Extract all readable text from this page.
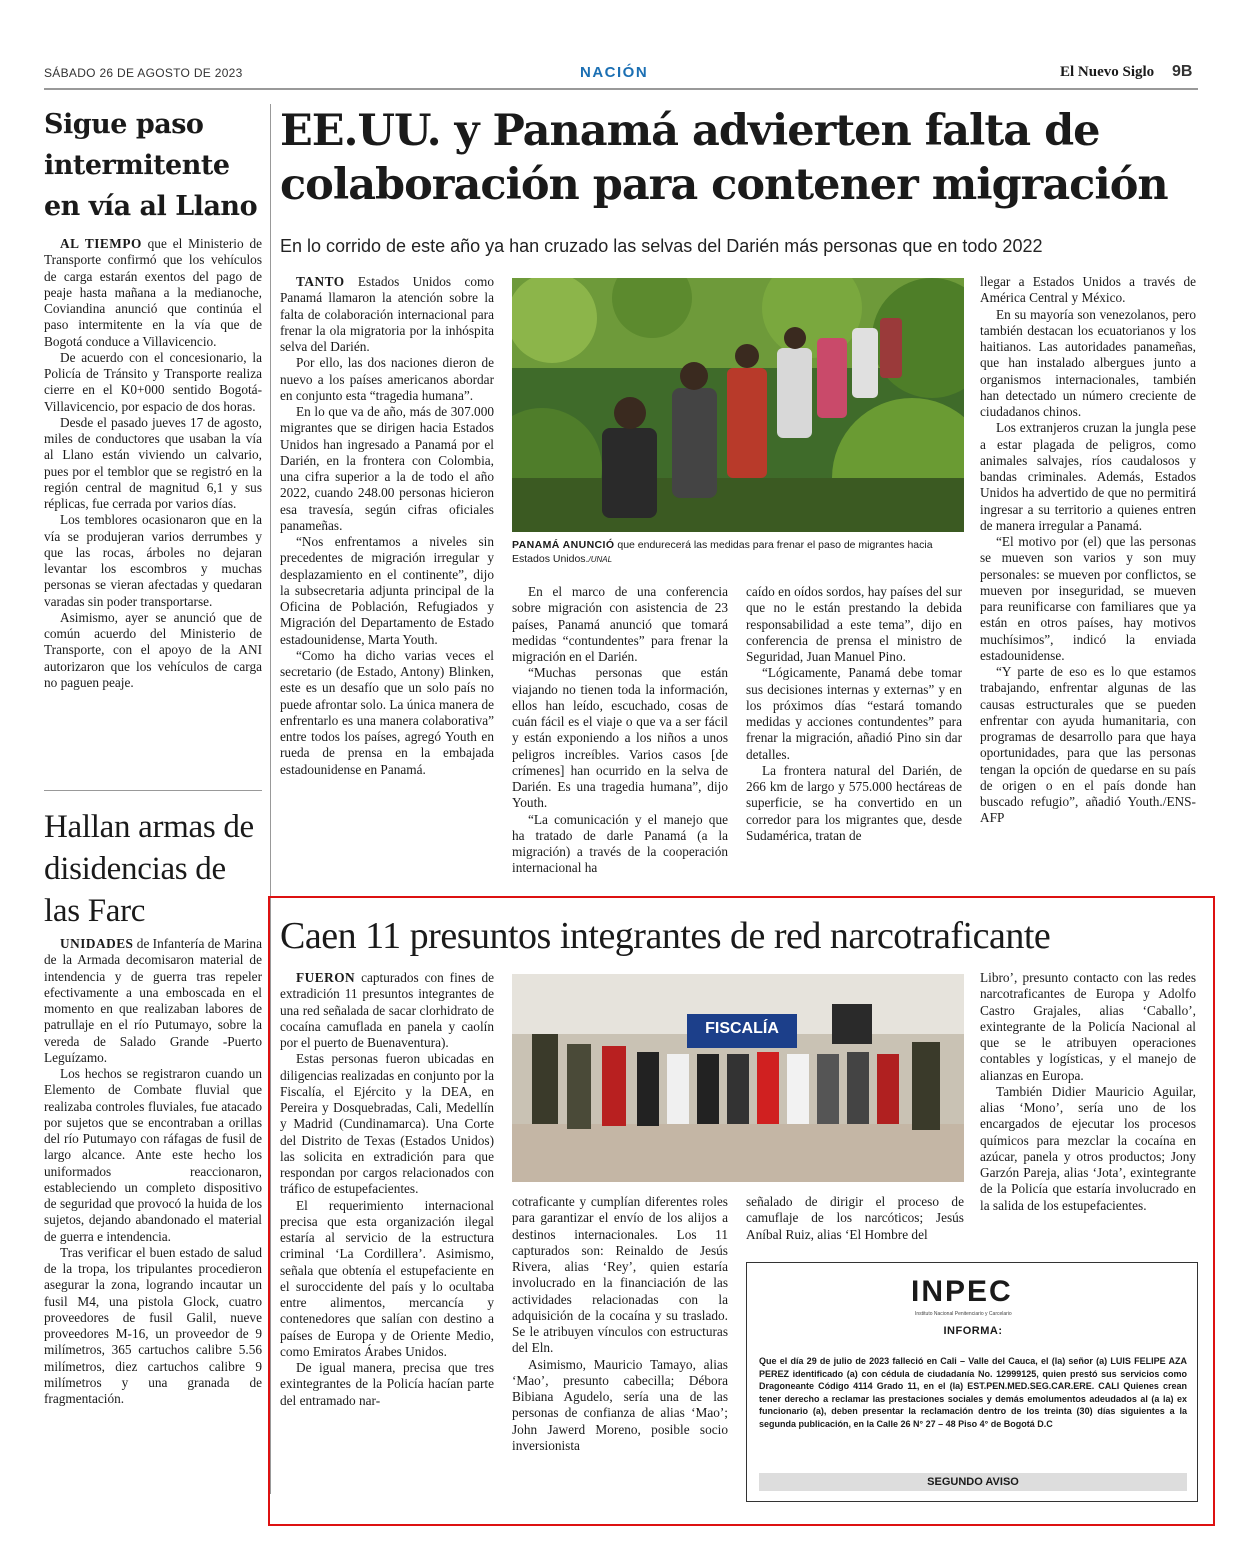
SÁBADO 26 DE AGOSTO DE 2023	NACIÓN	El Nuevo Siglo 9B
Sigue paso intermitente en vía al Llano

AL TIEMPO que el Ministerio de Transporte confirmó que los vehículos de carga estarán exentos del pago de peaje hasta mañana a la medianoche, Coviandina anunció que continúa el paso intermitente en la vía que de Bogotá conduce a Villavicencio.

De acuerdo con el concesionario, la Policía de Tránsito y Transporte realiza cierre en el K0+000 sentido Bogotá-Villavicencio, por espacio de dos horas.

Desde el pasado jueves 17 de agosto, miles de conductores que usaban la vía al Llano están viviendo un calvario, pues por el temblor que se registró en la región central de magnitud 6,1 y sus réplicas, fue cerrada por varios días.

Los temblores ocasionaron que en la vía se produjeran varios derrumbes y que las rocas, árboles no dejaran levantar los escombros y muchas personas se vieran afectadas y quedaran varadas sin poder transportarse.

Asimismo, ayer se anunció que de común acuerdo del Ministerio de Transporte, con el apoyo de la ANI autorizaron que los vehículos de carga no paguen peaje.

Hallan armas de disidencias de las Farc

UNIDADES de Infantería de Marina de la Armada decomisaron material de intendencia y de guerra tras repeler efectivamente a una emboscada en el momento en que realizaban labores de patrullaje en el río Putumayo, sobre la vereda de Salado Grande -Puerto Leguízamo.

Los hechos se registraron cuando un Elemento de Combate fluvial que realizaba controles fluviales, fue atacado por sujetos que se encontraban a orillas del río Putumayo con ráfagas de fusil de largo alcance. Ante este hecho los uniformados reaccionaron, estableciendo un completo dispositivo de seguridad que provocó la huida de los sujetos, dejando abandonado el material de guerra e intendencia.

Tras verificar el buen estado de salud de la tropa, los tripulantes procedieron asegurar la zona, logrando incautar un fusil M4, una pistola Glock, cuatro proveedores de fusil Galil, nueve proveedores M-16, un proveedor de 9 milímetros, 365 cartuchos calibre 5.56 milímetros, diez cartuchos calibre 9 milímetros y una granada de fragmentación.

EE.UU. y Panamá advierten falta de colaboración para contener migración
En lo corrido de este año ya han cruzado las selvas del Darién más personas que en todo 2022

TANTO Estados Unidos como Panamá llamaron la atención sobre la falta de colaboración internacional para frenar la ola migratoria por la inhóspita selva del Darién.

Por ello, las dos naciones dieron de nuevo a los países americanos abordar en conjunto esta “tragedia humana”.

En lo que va de año, más de 307.000 migrantes que se dirigen hacia Estados Unidos han ingresado a Panamá por el Darién, en la frontera con Colombia, una cifra superior a la de todo el año 2022, cuando 248.00 personas hicieron esa travesía, según cifras oficiales panameñas.

“Nos enfrentamos a niveles sin precedentes de migración irregular y desplazamiento en el continente”, dijo la subsecretaria adjunta principal de la Oficina de Población, Refugiados y Migración del Departamento de Estado estadounidense, Marta Youth.

“Como ha dicho varias veces el secretario (de Estado, Antony) Blinken, este es un desafío que un solo país no puede afrontar solo. La única manera de enfrentarlo es una manera colaborativa” entre todos los países, agregó Youth en rueda de prensa en la embajada estadounidense en Panamá.

PANAMÁ ANUNCIÓ que endurecerá las medidas para frenar el paso de migrantes hacia Estados Unidos./UNAL

En el marco de una conferencia sobre migración con asistencia de 23 países, Panamá anunció que tomará medidas “contundentes” para frenar la migración en el Darién.

“Muchas personas que están viajando no tienen toda la información, ellos han leído, escuchado, cosas de cuán fácil es el viaje o que va a ser fácil y están exponiendo a los niños a unos peligros increíbles. Varios casos [de crímenes] han ocurrido en la selva de Darién. Es una tragedia humana”, dijo Youth.

“La comunicación y el manejo que ha tratado de darle Panamá (a la migración) a través de la cooperación internacional ha

caído en oídos sordos, hay países del sur que no le están prestando la debida responsabilidad a este tema”, dijo en conferencia de prensa el ministro de Seguridad, Juan Manuel Pino.

“Lógicamente, Panamá debe tomar sus decisiones internas y externas” y en los próximos días “estará tomando medidas y acciones contundentes” para frenar la migración, añadió Pino sin dar detalles.

La frontera natural del Darién, de 266 km de largo y 575.000 hectáreas de superficie, se ha convertido en un corredor para los migrantes que, desde Sudamérica, tratan de

llegar a Estados Unidos a través de América Central y México.

En su mayoría son venezolanos, pero también destacan los ecuatorianos y los haitianos. Las autoridades panameñas, que han instalado albergues junto a organismos internacionales, también han detectado un número creciente de ciudadanos chinos.

Los extranjeros cruzan la jungla pese a estar plagada de peligros, como animales salvajes, ríos caudalosos y bandas criminales. Además, Estados Unidos ha advertido de que no permitirá ingresar a su territorio a quienes entren de manera irregular a Panamá.

“El motivo por (el) que las personas se mueven son varios y son muy personales: se mueven por conflictos, se mueven por inseguridad, se mueven para reunificarse con familiares que ya están en otros países, hay motivos muchísimos”, indicó la enviada estadounidense.

“Y parte de eso es lo que estamos trabajando, enfrentar algunas de las causas estructurales que se pueden enfrentar con ayuda humanitaria, con programas de desarrollo para que haya oportunidades, para que las personas tengan la opción de quedarse en su país de origen o en el país donde han buscado refugio”, añadió Youth./ENS-AFP

Caen 11 presuntos integrantes de red narcotraficante

FUERON capturados con fines de extradición 11 presuntos integrantes de una red señalada de sacar clorhidrato de cocaína camuflada en panela y caolín por el puerto de Buenaventura).

Estas personas fueron ubicadas en diligencias realizadas en conjunto por la Fiscalía, el Ejército y la DEA, en Pereira y Dosquebradas, Cali, Medellín y Madrid (Cundinamarca). Una Corte del Distrito de Texas (Estados Unidos) las solicita en extradición para que respondan por cargos relacionados con tráfico de estupefacientes.

El requerimiento internacional precisa que esta organización ilegal estaría al servicio de la estructura criminal ‘La Cordillera’. Asimismo, señala que obtenía el estupefaciente en el suroccidente del país y lo ocultaba entre alimentos, mercancía y contenedores que salían con destino a países de Europa y de Oriente Medio, como Emiratos Árabes Unidos.

De igual manera, precisa que tres exintegrantes de la Policía hacían parte del entramado nar-

FISCALÍA

cotraficante y cumplían diferentes roles para garantizar el envío de los alijos a destinos internacionales. Los 11 capturados son: Reinaldo de Jesús Rivera, alias ‘Rey’, quien estaría involucrado en la financiación de las actividades relacionadas con la adquisición de la cocaína y su traslado. Se le atribuyen vínculos con estructuras del Eln.

Asimismo, Mauricio Tamayo, alias ‘Mao’, presunto cabecilla; Débora Bibiana Agudelo, sería una de las personas de confianza de alias ‘Mao’; John Jawerd Moreno, posible socio inversionista

señalado de dirigir el proceso de camuflaje de los narcóticos; Jesús Aníbal Ruiz, alias ‘El Hombre del

Libro’, presunto contacto con las redes narcotraficantes de Europa y Adolfo Castro Grajales, alias ‘Caballo’, exintegrante de la Policía Nacional al que se le atribuyen operaciones contables y logísticas, y el manejo de alianzas en Europa.

También Didier Mauricio Aguilar, alias ‘Mono’, sería uno de los encargados de ejecutar los procesos químicos para mezclar la cocaína en azúcar, panela y otros productos; Jony Garzón Pareja, alias ‘Jota’, exintegrante de la Policía que estaría involucrado en la salida de los estupefacientes.

INPEC
Instituto Nacional Penitenciario y Carcelario
INFORMA:
Que el día 29 de julio de 2023 falleció en Cali – Valle del Cauca, el (la) señor (a) LUIS FELIPE AZA PEREZ identificado (a) con cédula de ciudadanía No. 12999125, quien prestó sus servicios como Dragoneante Código 4114 Grado 11, en el (la) EST.PEN.MED.SEG.CAR.ERE. CALI Quienes crean tener derecho a reclamar las prestaciones sociales y demás emolumentos adeudados al (a la) ex funcionario (a), deben presentar la reclamación dentro de los treinta (30) días siguientes a la segunda publicación, en la Calle 26 N° 27 – 48 Piso 4° de Bogotá D.C
SEGUNDO AVISO
